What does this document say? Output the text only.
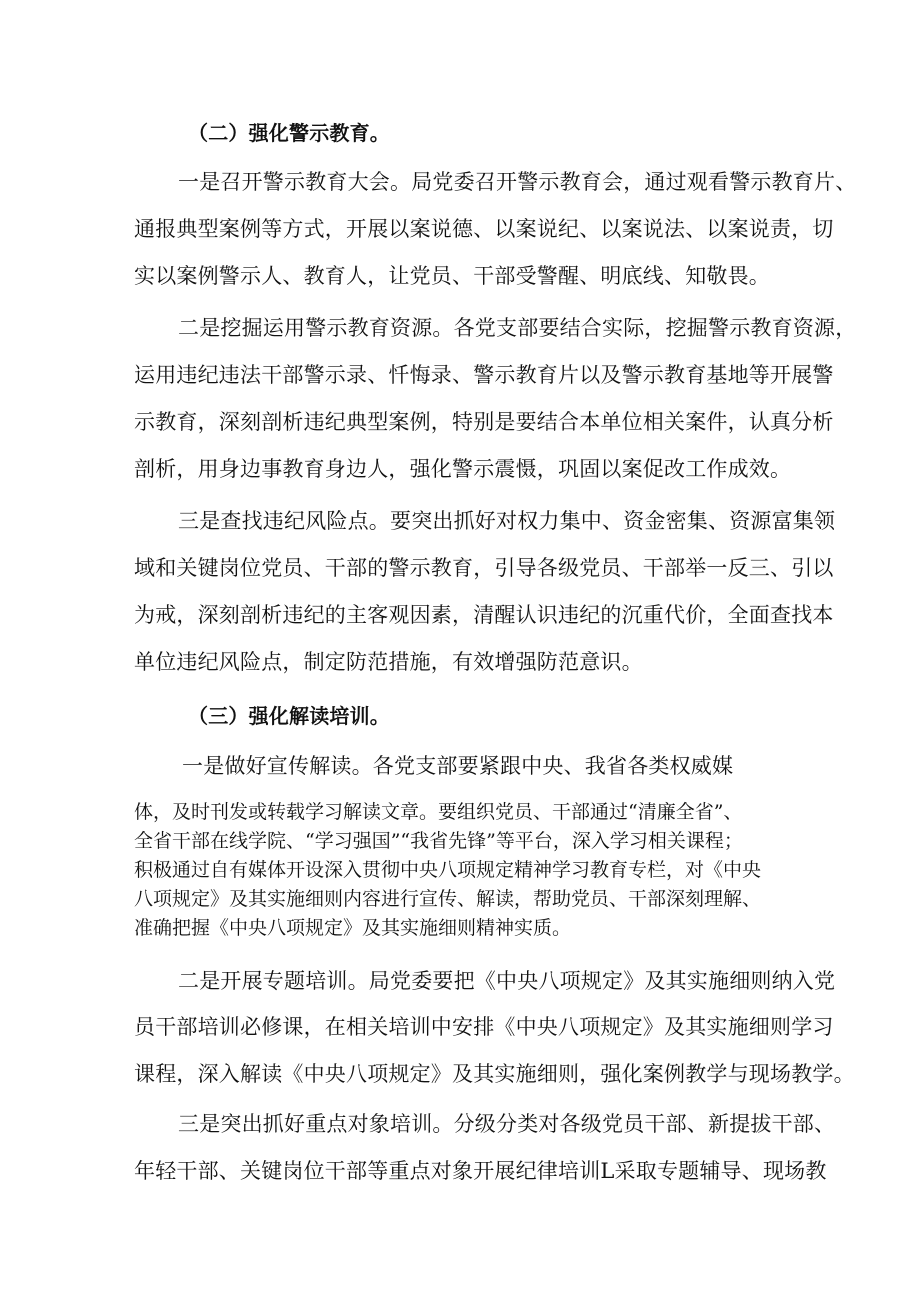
（二）强化警示教育。
一是召开警示教育大会。局党委召开警示教育会，通过观看警示教育片、
通报典型案例等方式，开展以案说德、以案说纪、以案说法、以案说责，切
实以案例警示人、教育人，让党员、干部受警醒、明底线、知敬畏。
二是挖掘运用警示教育资源。各党支部要结合实际，挖掘警示教育资源，
运用违纪违法干部警示录、忏悔录、警示教育片以及警示教育基地等开展警
示教育，深刻剖析违纪典型案例，特别是要结合本单位相关案件，认真分析
剖析，用身边事教育身边人，强化警示震慑，巩固以案促改工作成效。
三是查找违纪风险点。要突出抓好对权力集中、资金密集、资源富集领
域和关键岗位党员、干部的警示教育，引导各级党员、干部举一反三、引以
为戒，深刻剖析违纪的主客观因素，清醒认识违纪的沉重代价，全面查找本
单位违纪风险点，制定防范措施，有效增强防范意识。
（三）强化解读培训。
一是做好宣传解读。各党支部要紧跟中央、我省各类权威媒
体，及时刊发或转载学习解读文章。要组织党员、干部通过“清廉全省”、
全省干部在线学院、“学习强国”“我省先锋”等平台，深入学习相关课程；
积极通过自有媒体开设深入贯彻中央八项规定精神学习教育专栏，对《中央
八项规定》及其实施细则内容进行宣传、解读，帮助党员、干部深刻理解、
准确把握《中央八项规定》及其实施细则精神实质。
二是开展专题培训。局党委要把《中央八项规定》及其实施细则纳入党
员干部培训必修课，在相关培训中安排《中央八项规定》及其实施细则学习
课程，深入解读《中央八项规定》及其实施细则，强化案例教学与现场教学。
三是突出抓好重点对象培训。分级分类对各级党员干部、新提拔干部、
年轻干部、关键岗位干部等重点对象开展纪律培训L采取专题辅导、现场教
